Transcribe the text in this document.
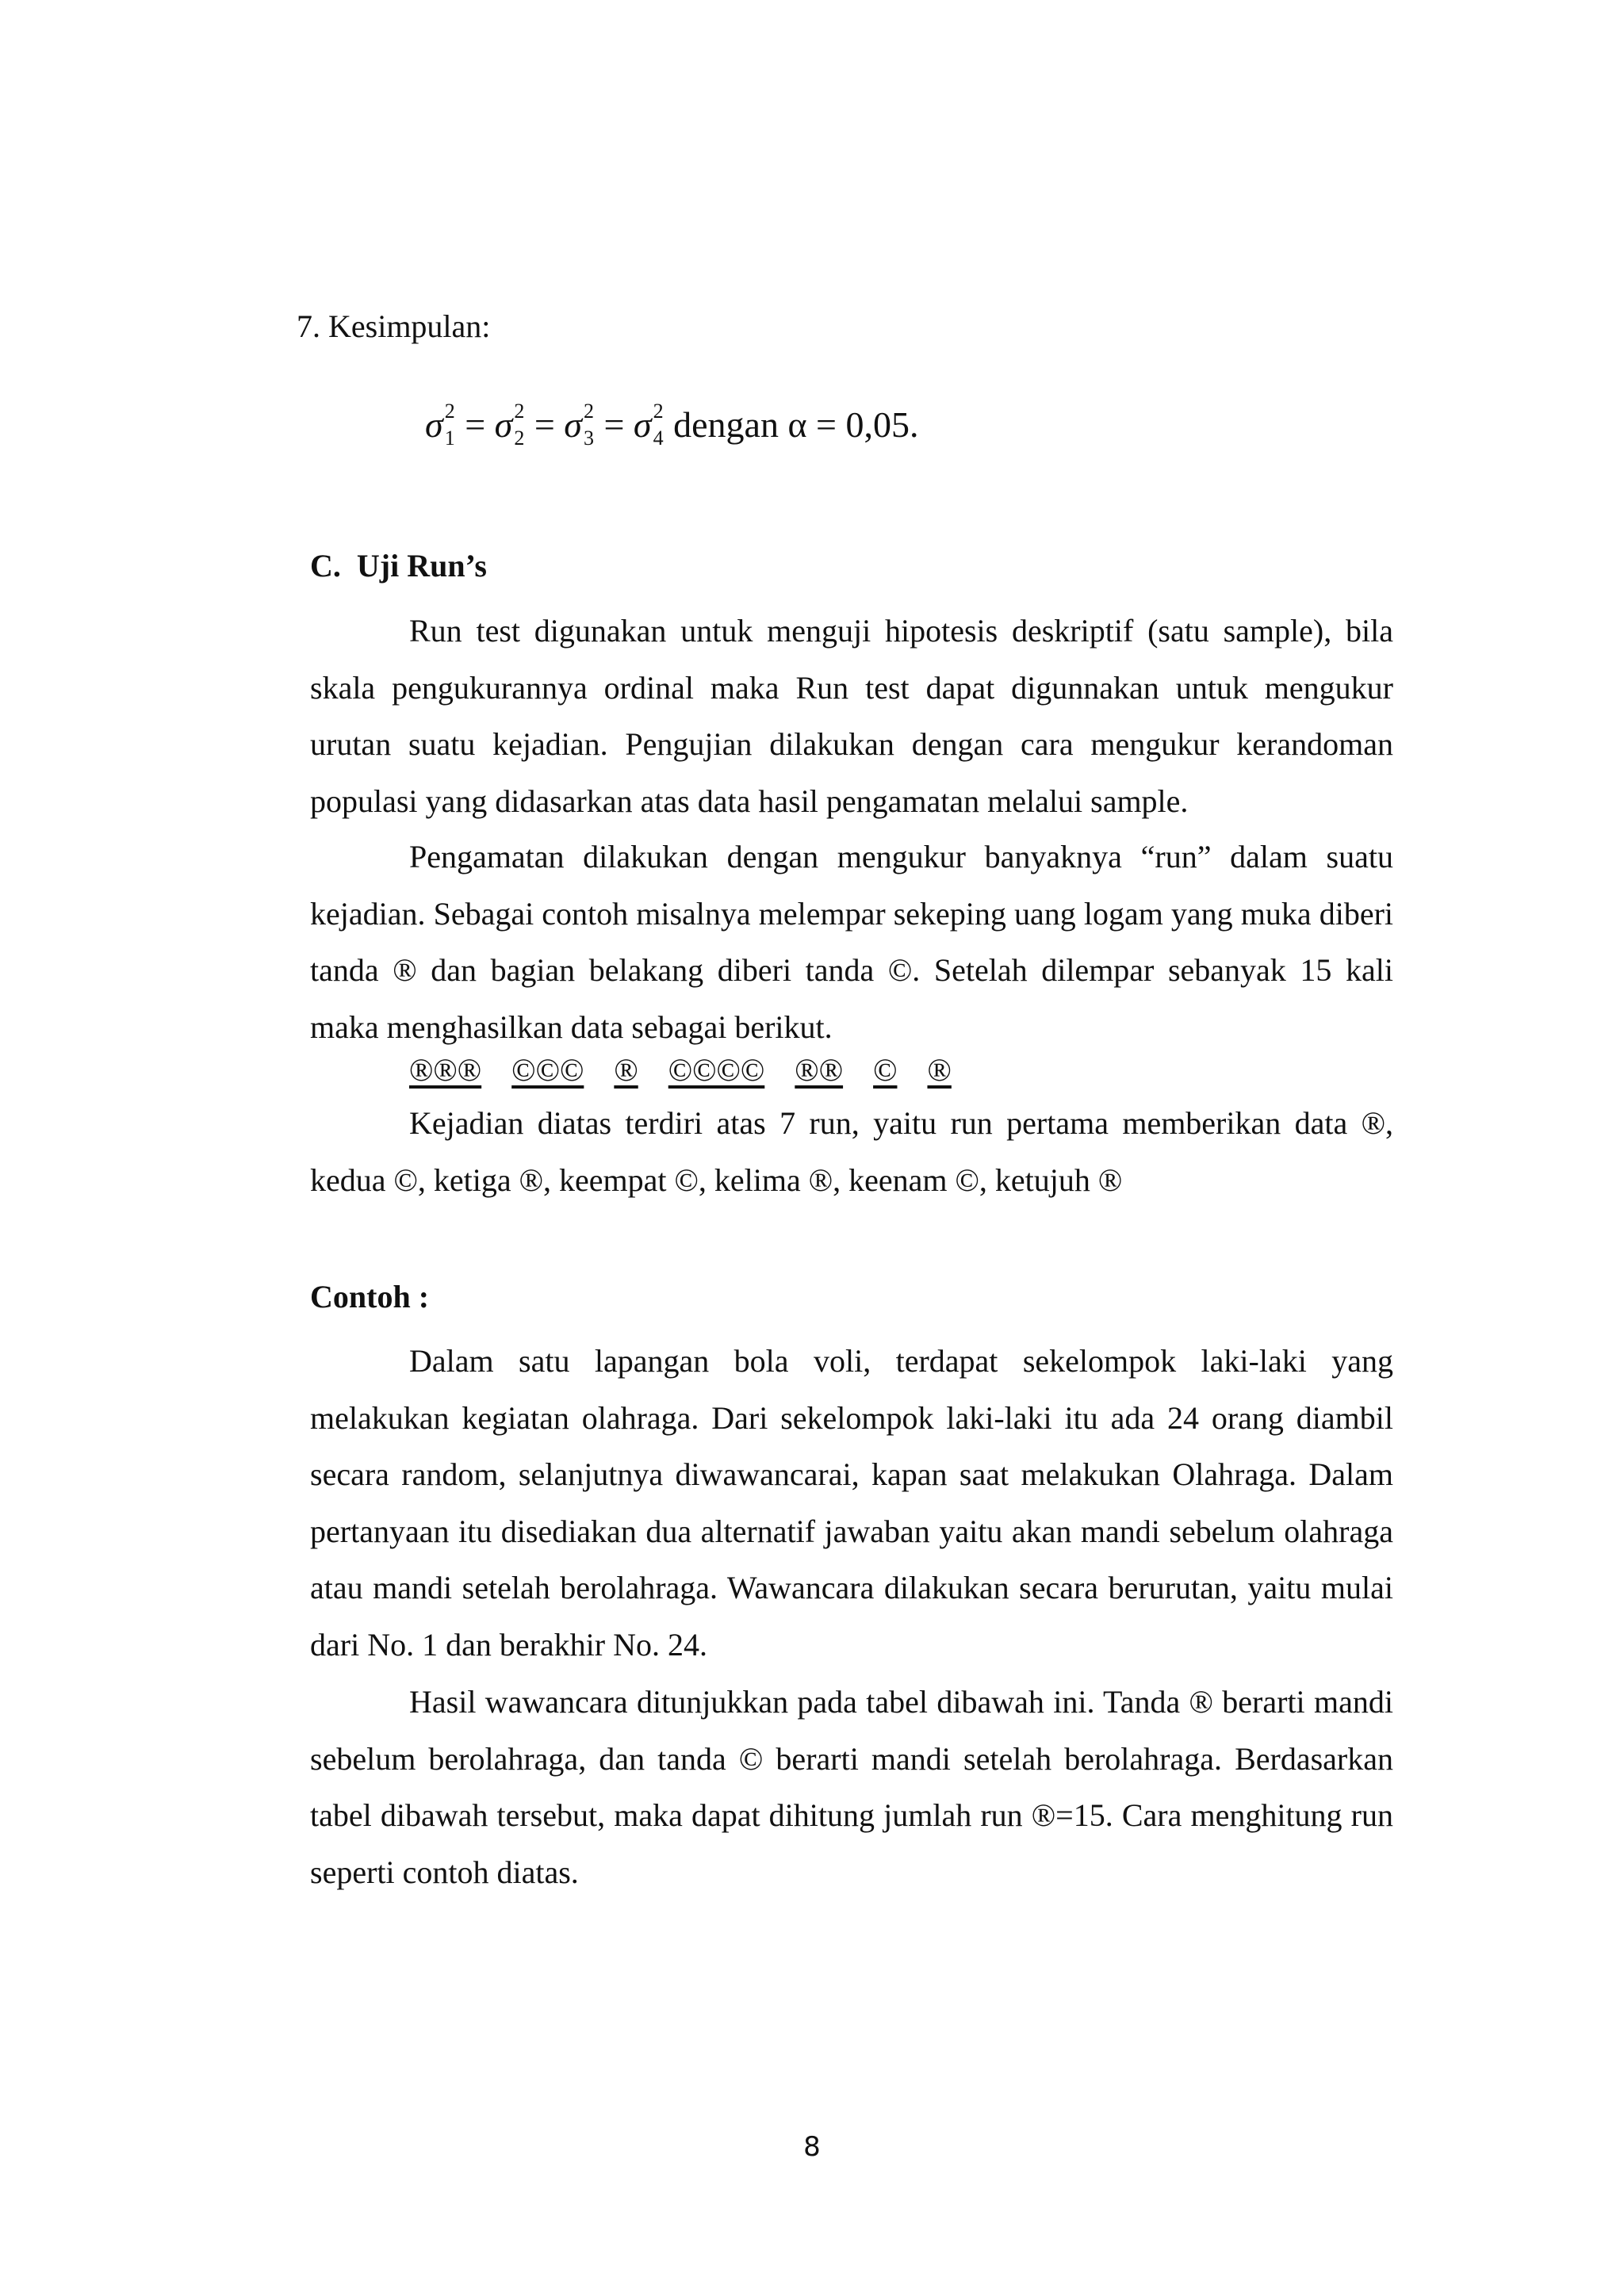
7. Kesimpulan:

σ 2
1 = σ 2
2 = σ 2
3 = σ 2
4 dengan α = 0,05.
C.  Uji Run’s

Run test digunakan untuk menguji hipotesis deskriptif (satu sample), bila skala pengukurannya ordinal maka Run test dapat digunnakan untuk mengukur urutan suatu kejadian. Pengujian dilakukan dengan cara mengukur kerandoman populasi yang didasarkan atas data hasil pengamatan melalui sample.

Pengamatan dilakukan dengan mengukur banyaknya “run” dalam suatu kejadian. Sebagai contoh misalnya melempar sekeping uang logam yang muka diberi tanda ® dan bagian belakang diberi tanda ©. Setelah dilempar sebanyak 15 kali maka menghasilkan data sebagai berikut.

®®® ©©© ® ©©©© ®® © ®

Kejadian diatas terdiri atas 7 run, yaitu run pertama memberikan data ®, kedua ©, ketiga ®, keempat ©, kelima ®, keenam ©, ketujuh ®

Contoh :

Dalam satu lapangan bola voli, terdapat sekelompok laki-laki yang melakukan kegiatan olahraga. Dari sekelompok laki-laki itu ada 24 orang diambil secara random, selanjutnya diwawancarai, kapan saat melakukan Olahraga. Dalam pertanyaan itu disediakan dua alternatif jawaban yaitu akan mandi sebelum olahraga atau mandi setelah berolahraga. Wawancara dilakukan secara berurutan, yaitu mulai dari No. 1 dan berakhir No. 24.

Hasil wawancara ditunjukkan pada tabel dibawah ini. Tanda ® berarti mandi sebelum berolahraga, dan tanda © berarti mandi setelah berolahraga. Berdasarkan tabel dibawah tersebut, maka dapat dihitung jumlah run ®=15. Cara menghitung run seperti contoh diatas.

8
